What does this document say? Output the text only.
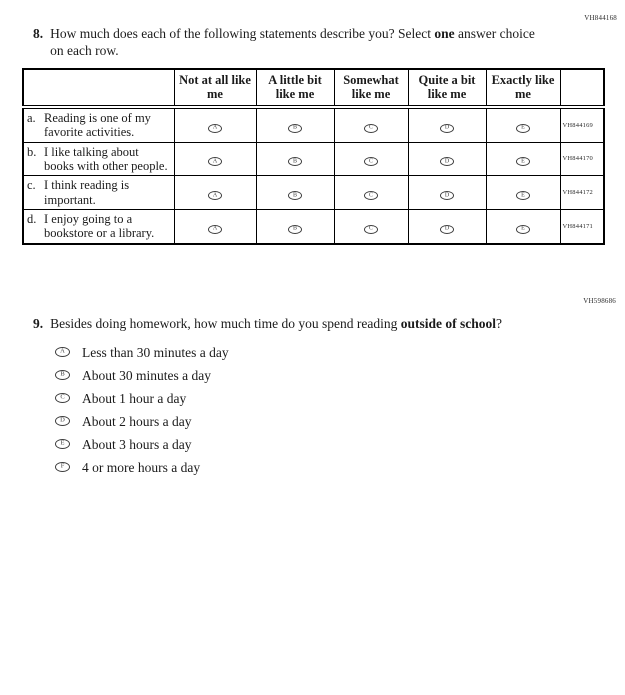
VH844168
8. How much does each of the following statements describe you? Select one answer choice on each row.

	Not at all like me	A little bit like me	Somewhat like me	Quite a bit like me	Exactly like me	

a. Reading is one of my favorite activities.	A	B	C	D	E	VH844169

b. I like talking about books with other people.	A	B	C	D	E	VH844170

c. I think reading is important.	A	B	C	D	E	VH844172

d. I enjoy going to a bookstore or a library.	A	B	C	D	E	VH844171
VH598686
9. Besides doing homework, how much time do you spend reading outside of school?

A Less than 30 minutes a day
B About 30 minutes a day
C About 1 hour a day
D About 2 hours a day
E About 3 hours a day
F 4 or more hours a day
